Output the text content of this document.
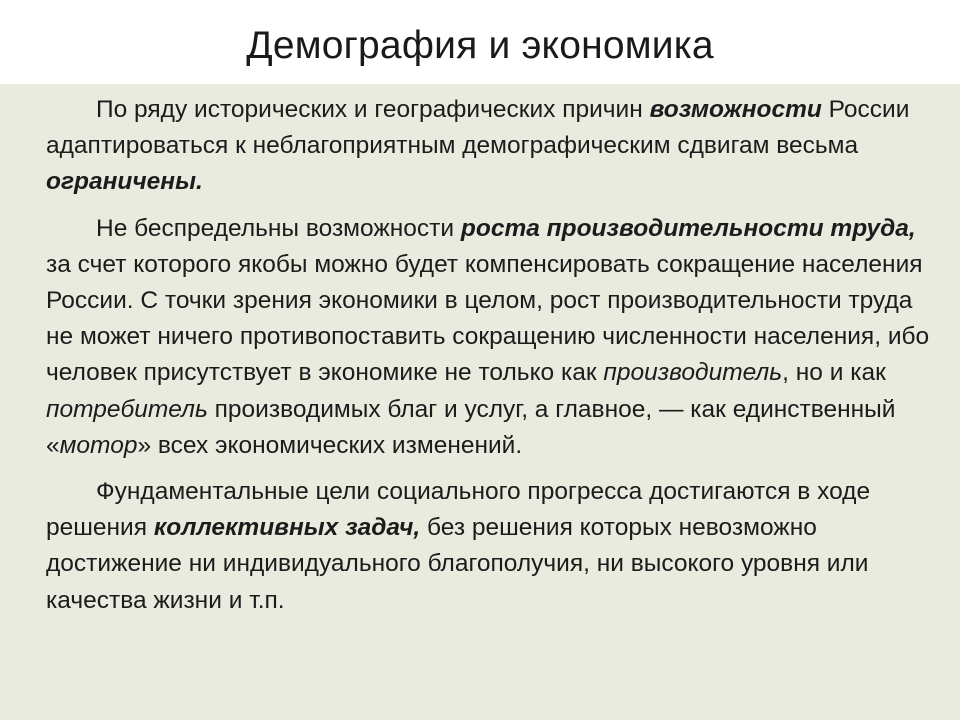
Демография и экономика

По ряду исторических и географических причин возможности России адаптироваться к неблагоприятным демографическим сдвигам весьма ограничены.

Не беспредельны возможности роста производительности труда, за счет которого якобы можно будет компенсировать сокращение населения России. С точки зрения экономики в целом, рост производительности труда не может ничего противопоставить сокращению численности населения, ибо человек присутствует в экономике не только как производитель, но и как потребитель производимых благ и услуг, а главное, — как единственный «мотор» всех экономических изменений.

Фундаментальные цели социального прогресса достигаются в ходе решения коллективных задач, без решения которых невозможно достижение ни индивидуального благополучия, ни высокого уровня или качества жизни и т.п.
